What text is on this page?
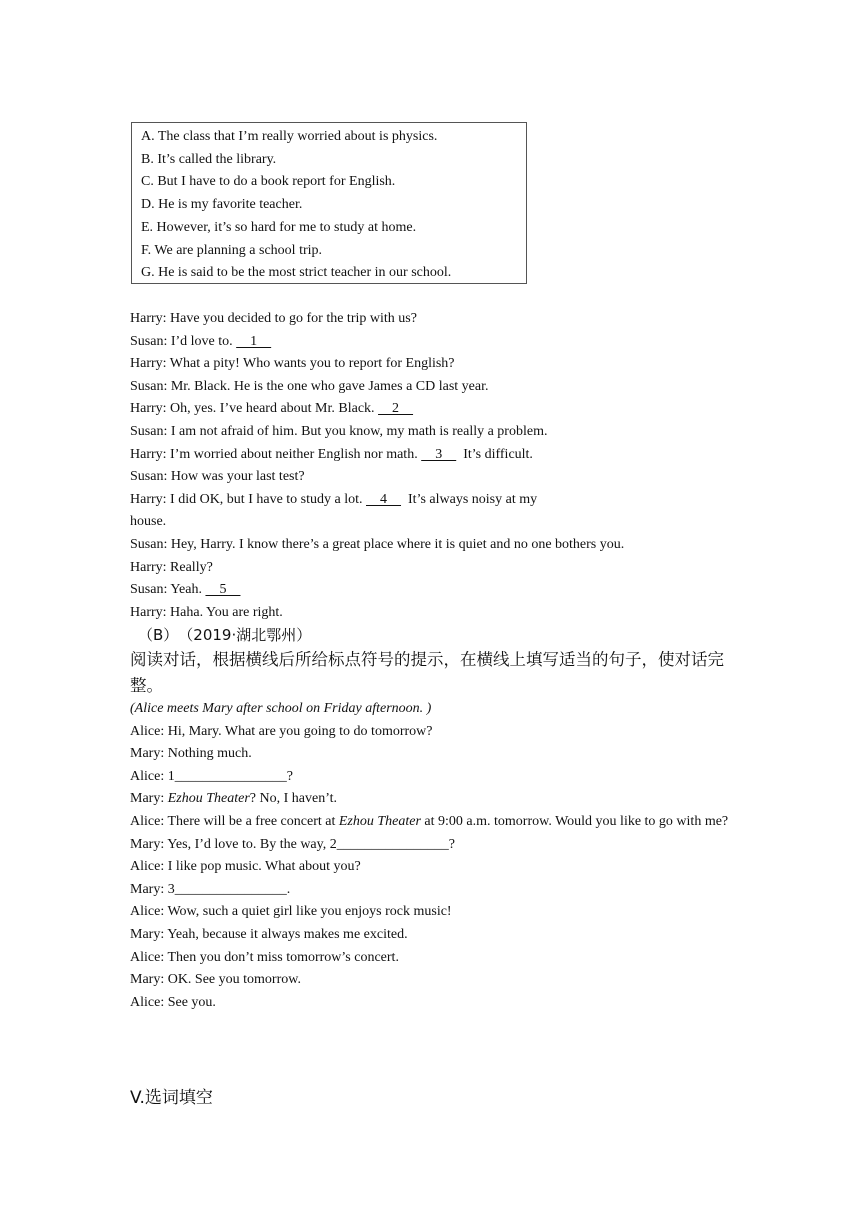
A. The class that I’m really worried about is physics.
B. It’s called the library.
C. But I have to do a book report for English.
D. He is my favorite teacher.
E. However, it’s so hard for me to study at home.
F. We are planning a school trip.
G. He is said to be the most strict teacher in our school.
Harry: Have you decided to go for the trip with us?
Susan: I’d love to.     1
Harry: What a pity! Who wants you to report for English?
Susan: Mr. Black. He is the one who gave James a CD last year.
Harry: Oh, yes. I’ve heard about Mr. Black.     2
Susan: I am not afraid of him. But you know, my math is really a problem.
Harry: I’m worried about neither English nor math.     3      It’s difficult.
Susan: How was your last test?
Harry: I did OK, but I have to study a lot.     4      It’s always noisy at my
house.
Susan: Hey, Harry. I know there’s a great place where it is quiet and no one bothers you.
Harry: Really?
Susan: Yeah.     5
Harry: Haha. You are right.
（B）　（2019·湖北鄂州）
阅读对话，根据横线后所给标点符号的提示，在横线上填写适当的句子，使对话完整。
(Alice meets Mary after school on Friday afternoon. )
Alice: Hi, Mary. What are you going to do tomorrow?
Mary: Nothing much.
Alice: 1________________?
Mary: Ezhou Theater? No, I haven’t.
Alice: There will be a free concert at Ezhou Theater at 9:00 a.m. tomorrow. Would you like to go with me?
Mary: Yes, I’d love to. By the way, 2________________?
Alice: I like pop music. What about you?
Mary: 3________________.
Alice: Wow, such a quiet girl like you enjoys rock music!
Mary: Yeah, because it always makes me excited.
Alice: Then you don’t miss tomorrow’s concert.
Mary: OK. See you tomorrow.
Alice: See you.
V.选词填空
